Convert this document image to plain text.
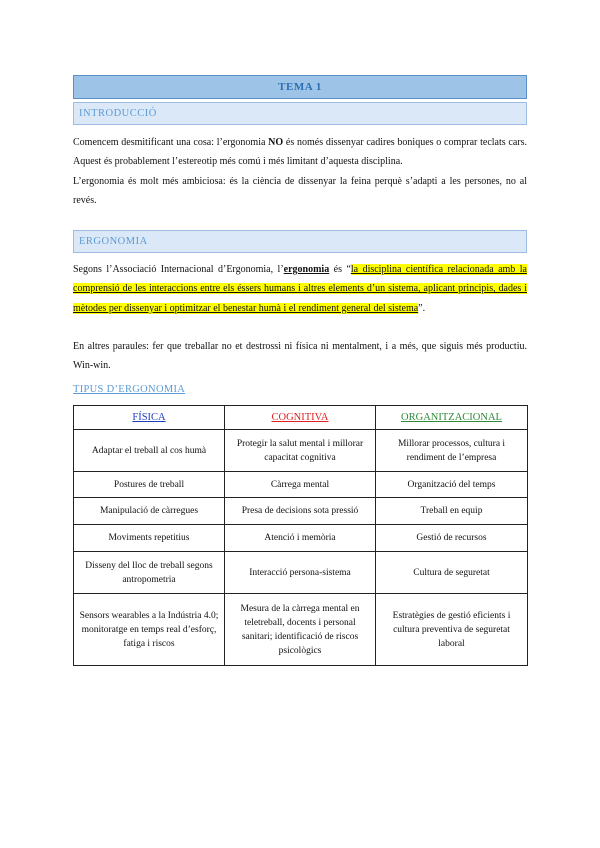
TEMA 1
INTRODUCCIÓ

Comencem desmitificant una cosa: l’ergonomia NO és només dissenyar cadires boniques o comprar teclats cars. Aquest és probablement l’estereotip més comú i més limitant d’aquesta disciplina.

L’ergonomia és molt més ambiciosa: és la ciència de dissenyar la feina perquè s’adapti a les persones, no al revés.

ERGONOMIA

Segons l’Associació Internacional d’Ergonomia, l’ergonomia és “la disciplina científica relacionada amb la comprensió de les interaccions entre els éssers humans i altres elements d’un sistema, aplicant principis, dades i mètodes per dissenyar i optimitzar el benestar humà i el rendiment general del sistema”.

En altres paraules: fer que treballar no et destrossi ni física ni mentalment, i a més, que siguis més productiu. Win-win.

TIPUS D’ERGONOMIA
FÍSICA	COGNITIVA	ORGANITZACIONAL
Adaptar el treball al cos humà	Protegir la salut mental i millorar capacitat cognitiva	Millorar processos, cultura i rendiment de l’empresa
Postures de treball	Càrrega mental	Organització del temps
Manipulació de càrregues	Presa de decisions sota pressió	Treball en equip
Moviments repetitius	Atenció i memòria	Gestió de recursos
Disseny del lloc de treball segons antropometria	Interacció persona-sistema	Cultura de seguretat
Sensors wearables a la Indústria 4.0; monitoratge en temps real d’esforç, fatiga i riscos	Mesura de la càrrega mental en teletreball, docents i personal sanitari; identificació de riscos psicològics	Estratègies de gestió eficients i cultura preventiva de seguretat laboral
